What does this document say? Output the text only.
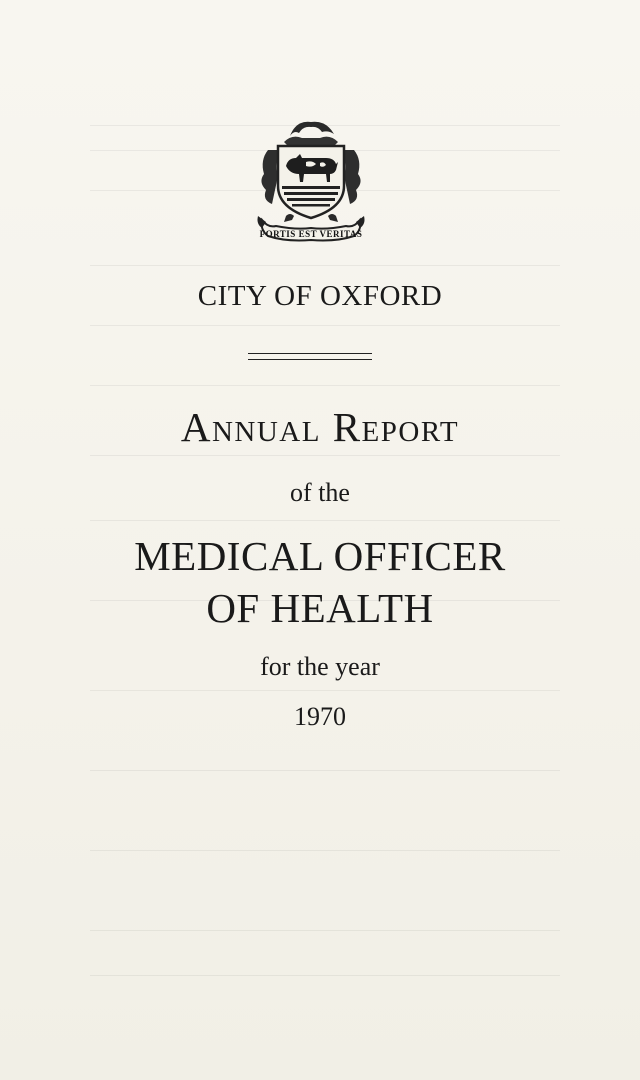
FORTIS EST VERITAS
CITY OF OXFORD
Annual Report
of the
MEDICAL OFFICER
OF HEALTH
for the year
1970
